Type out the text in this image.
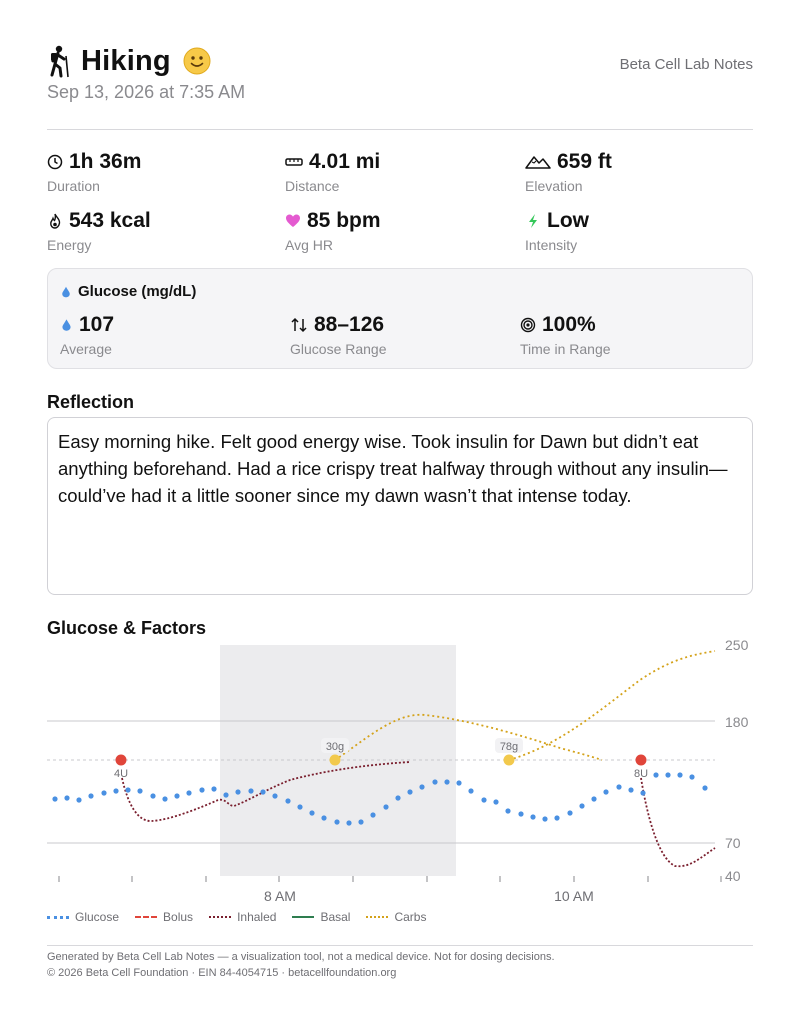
Hiking
Sep 13, 2026 at 7:35 AM
Beta Cell Lab Notes
1h 36m
Duration
4.01 mi
Distance
659 ft
Elevation
543 kcal
Energy
85 bpm
Avg HR
Low
Intensity
Glucose (mg/dL)
107
Average
88–126
Glucose Range
100%
Time in Range
Reflection
Easy morning hike. Felt good energy wise. Took insulin for Dawn but didn’t eat anything beforehand. Had a rice crispy treat halfway through without any insulin—could’ve had it a little sooner since my dawn wasn’t that intense today.
Glucose & Factors
250
180
70
40
8 AM	10 AM
4U	8U
30g	78g
Glucose	Bolus	Inhaled	Basal	Carbs
Generated by Beta Cell Lab Notes — a visualization tool, not a medical device. Not for dosing decisions.
© 2026 Beta Cell Foundation · EIN 84-4054715 · betacellfoundation.org
